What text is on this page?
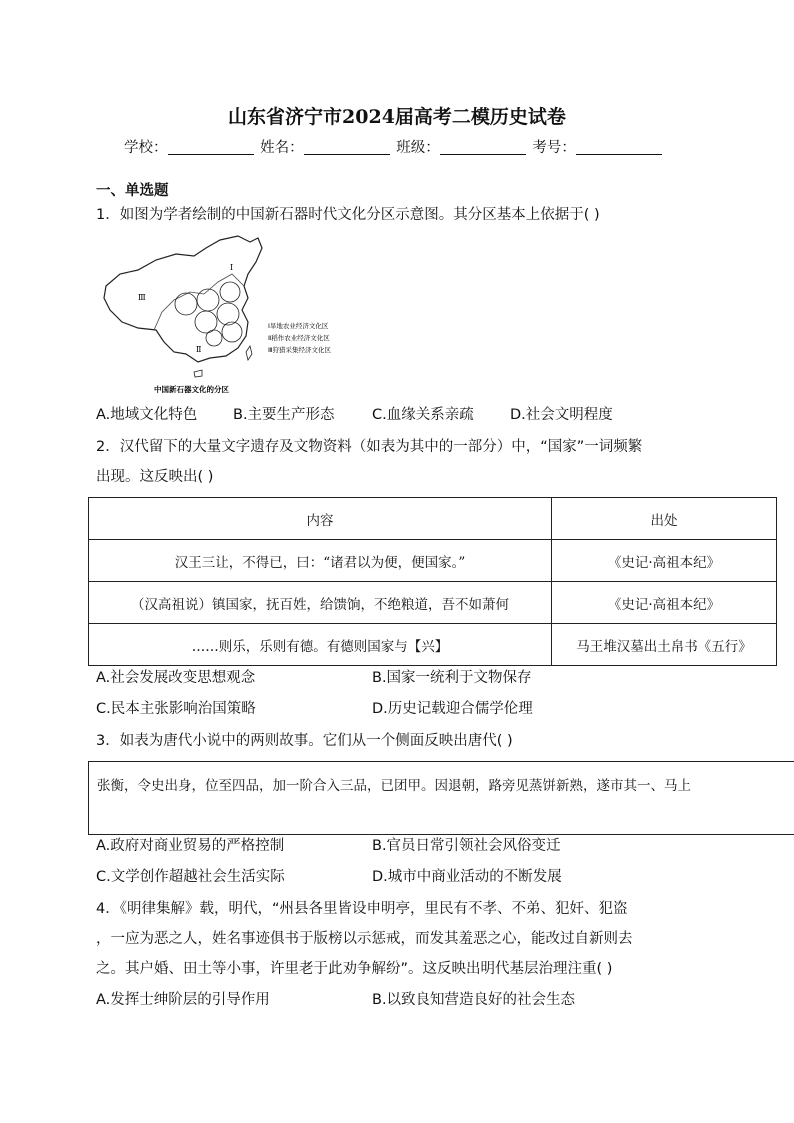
山东省济宁市2024届高考二模历史试卷
学校：	姓名：	班级：	考号：
一、单选题
1．如图为学者绘制的中国新石器时代文化分区示意图。其分区基本上依据于( )
Ⅲ
Ⅰ
Ⅱ
Ⅰ旱地农业经济文化区
Ⅱ稻作农业经济文化区
Ⅲ狩猎采集经济文化区
中国新石器文化的分区
A.地域文化特色 B.主要生产形态	C.血缘关系亲疏	D.社会文明程度
2．汉代留下的大量文字遗存及文物资料（如表为其中的一部分）中，“国家”一词频繁
出现。这反映出( )
内容	出处
汉王三让，不得已，曰：“诸君以为便，便国家。”	《史记·高祖本纪》
（汉高祖说）镇国家，抚百姓，给馈饷，不绝粮道，吾不如萧何	《史记·高祖本纪》
……则乐，乐则有德。有德则国家与【兴】	马王堆汉墓出土帛书《五行》
A.社会发展改变思想观念	B.国家一统利于文物保存
C.民本主张影响治国策略	D.历史记载迎合儒学伦理
3．如表为唐代小说中的两则故事。它们从一个侧面反映出唐代( )
张衡，令史出身，位至四品，加一阶合入三品，已团甲。因退朝，路旁见蒸饼新熟，遂市其一、马上
A.政府对商业贸易的严格控制	B.官员日常引领社会风俗变迁
C.文学创作超越社会生活实际	D.城市中商业活动的不断发展
4．《明律集解》载，明代，“州县各里皆设申明亭，里民有不孝、不弟、犯奸、犯盗
，一应为恶之人，姓名事迹俱书于版榜以示惩戒，而发其羞恶之心，能改过自新则去
之。其户婚、田土等小事，许里老于此劝争解纷”。这反映出明代基层治理注重( )
A.发挥士绅阶层的引导作用	B.以致良知营造良好的社会生态
